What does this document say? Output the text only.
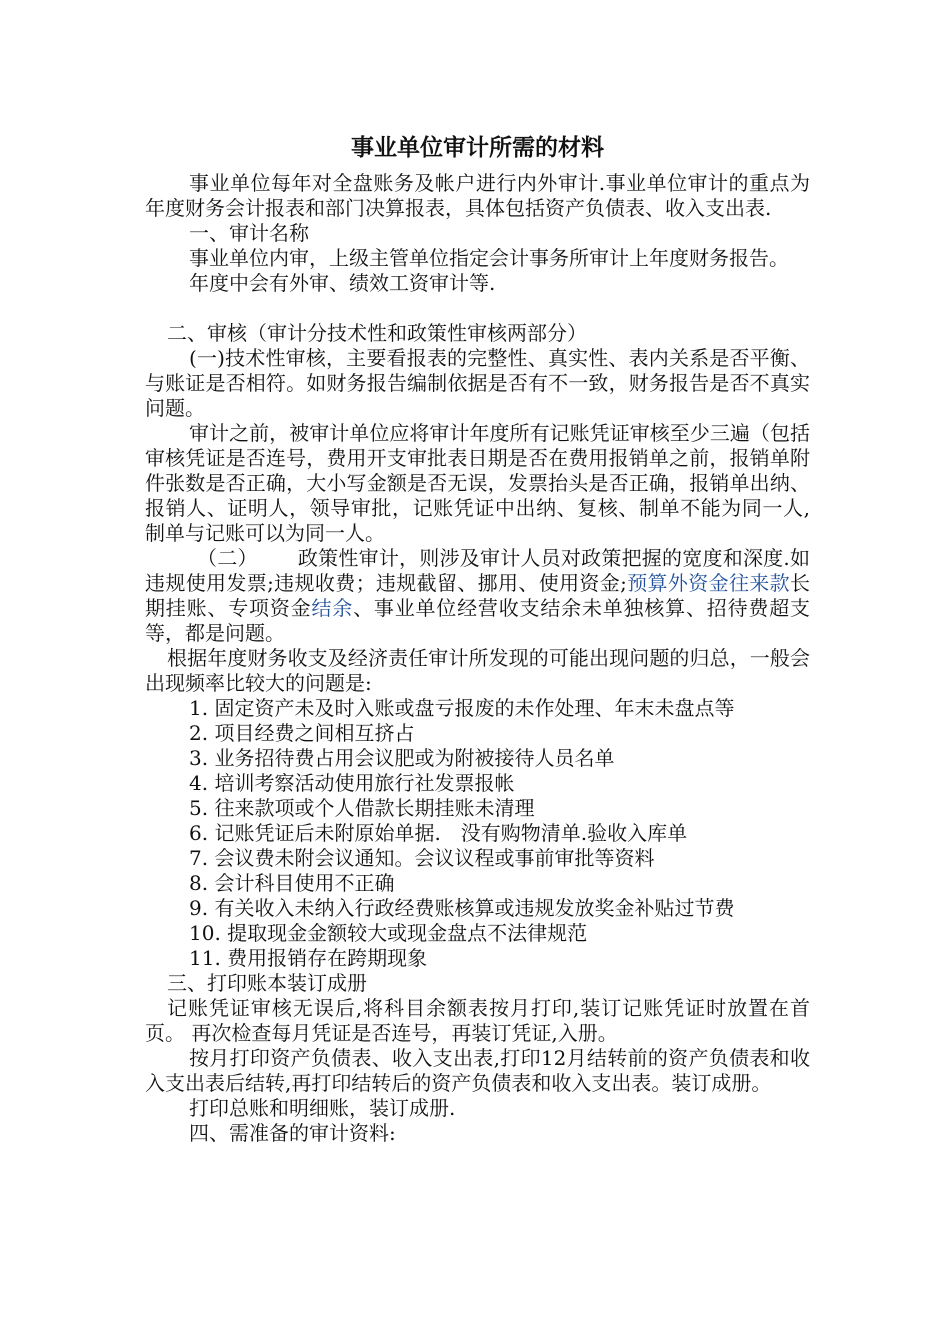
事业单位审计所需的材料

事业单位每年对全盘账务及帐户进行内外审计.事业单位审计的重点为年度财务会计报表和部门决算报表，具体包括资产负债表、收入支出表.

一、审计名称

事业单位内审，上级主管单位指定会计事务所审计上年度财务报告。

年度中会有外审、绩效工资审计等.

二、审核（审计分技术性和政策性审核两部分）

(一)技术性审核，主要看报表的完整性、真实性、表内关系是否平衡、与账证是否相符。如财务报告编制依据是否有不一致，财务报告是否不真实问题。

审计之前，被审计单位应将审计年度所有记账凭证审核至少三遍（包括审核凭证是否连号，费用开支审批表日期是否在费用报销单之前，报销单附件张数是否正确，大小写金额是否无误，发票抬头是否正确，报销单出纳、报销人、证明人，领导审批，记账凭证中出纳、复核、制单不能为同一人,制单与记账可以为同一人。

（二） 政策性审计，则涉及审计人员对政策把握的宽度和深度.如违规使用发票;违规收费；违规截留、挪用、使用资金;预算外资金往来款长期挂账、专项资金结余、事业单位经营收支结余未单独核算、招待费超支等，都是问题。

根据年度财务收支及经济责任审计所发现的可能出现问题的归总，一般会出现频率比较大的问题是:

1. 固定资产未及时入账或盘亏报废的未作处理、年末未盘点等
2. 项目经费之间相互挤占
3. 业务招待费占用会议肥或为附被接待人员名单
4. 培训考察活动使用旅行社发票报帐
5. 往来款项或个人借款长期挂账未清理
6. 记账凭证后未附原始单据.　没有购物清单.验收入库单
7. 会议费未附会议通知。会议议程或事前审批等资料
8. 会计科目使用不正确
9. 有关收入未纳入行政经费账核算或违规发放奖金补贴过节费
10. 提取现金金额较大或现金盘点不法律规范
11. 费用报销存在跨期现象

三、打印账本装订成册

记账凭证审核无误后,将科目余额表按月打印,装订记账凭证时放置在首页。 再次检查每月凭证是否连号，再装订凭证,入册。

按月打印资产负债表、收入支出表,打印12月结转前的资产负债表和收入支出表后结转,再打印结转后的资产负债表和收入支出表。装订成册。

打印总账和明细账，装订成册.

四、需准备的审计资料:
